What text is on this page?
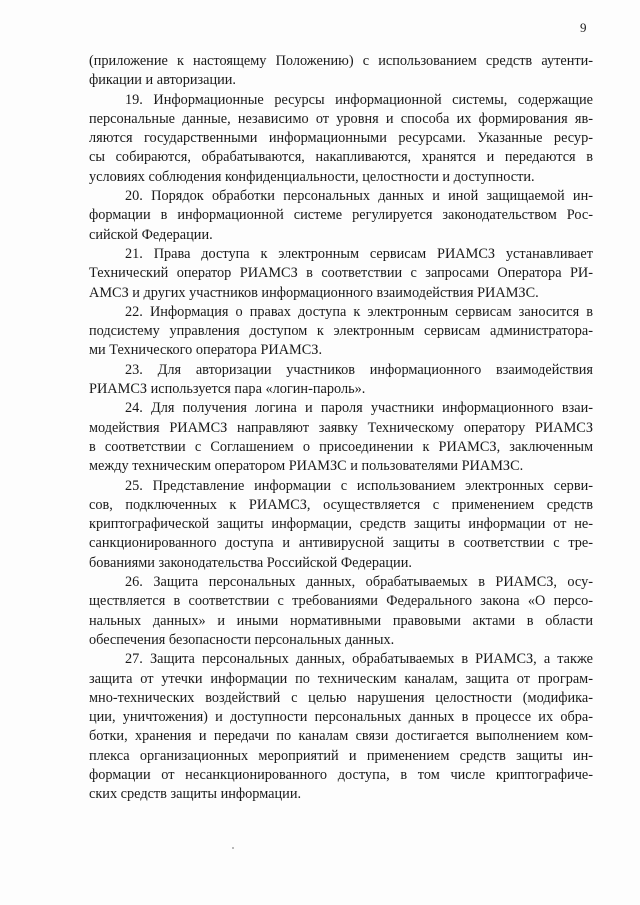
9
(приложение к настоящему Положению) с использованием средств аутенти-
фикации и авторизации.
19. Информационные ресурсы информационной системы, содержащие
персональные данные, независимо от уровня и способа их формирования яв-
ляются государственными информационными ресурсами. Указанные ресур-
сы собираются, обрабатываются, накапливаются, хранятся и передаются в
условиях соблюдения конфиденциальности, целостности и доступности.
20. Порядок обработки персональных данных и иной защищаемой ин-
формации в информационной системе регулируется законодательством Рос-
сийской Федерации.
21. Права доступа к электронным сервисам РИАМСЗ устанавливает
Технический оператор РИАМСЗ в соответствии с запросами Оператора РИ-
АМСЗ и других участников информационного взаимодействия РИАМЗС.
22. Информация о правах доступа к электронным сервисам заносится в
подсистему управления доступом к электронным сервисам администратора-
ми Технического оператора РИАМСЗ.
23. Для авторизации участников информационного взаимодействия
РИАМСЗ используется пара «логин-пароль».
24. Для получения логина и пароля участники информационного взаи-
модействия РИАМСЗ направляют заявку Техническому оператору РИАМСЗ
в соответствии с Соглашением о присоединении к РИАМСЗ, заключенным
между техническим оператором РИАМЗС и пользователями РИАМЗС.
25. Представление информации с использованием электронных серви-
сов, подключенных к РИАМСЗ, осуществляется с применением средств
криптографической защиты информации, средств защиты информации от не-
санкционированного доступа и антивирусной защиты в соответствии с тре-
бованиями законодательства Российской Федерации.
26. Защита персональных данных, обрабатываемых в РИАМСЗ, осу-
ществляется в соответствии с требованиями Федерального закона «О персо-
нальных данных» и иными нормативными правовыми актами в области
обеспечения безопасности персональных данных.
27. Защита персональных данных, обрабатываемых в РИАМСЗ, а также
защита от утечки информации по техническим каналам, защита от програм-
мно-технических воздействий с целью нарушения целостности (модифика-
ции, уничтожения) и доступности персональных данных в процессе их обра-
ботки, хранения и передачи по каналам связи достигается выполнением ком-
плекса организационных мероприятий и применением средств защиты ин-
формации от несанкционированного доступа, в том числе криптографиче-
ских средств защиты информации.
